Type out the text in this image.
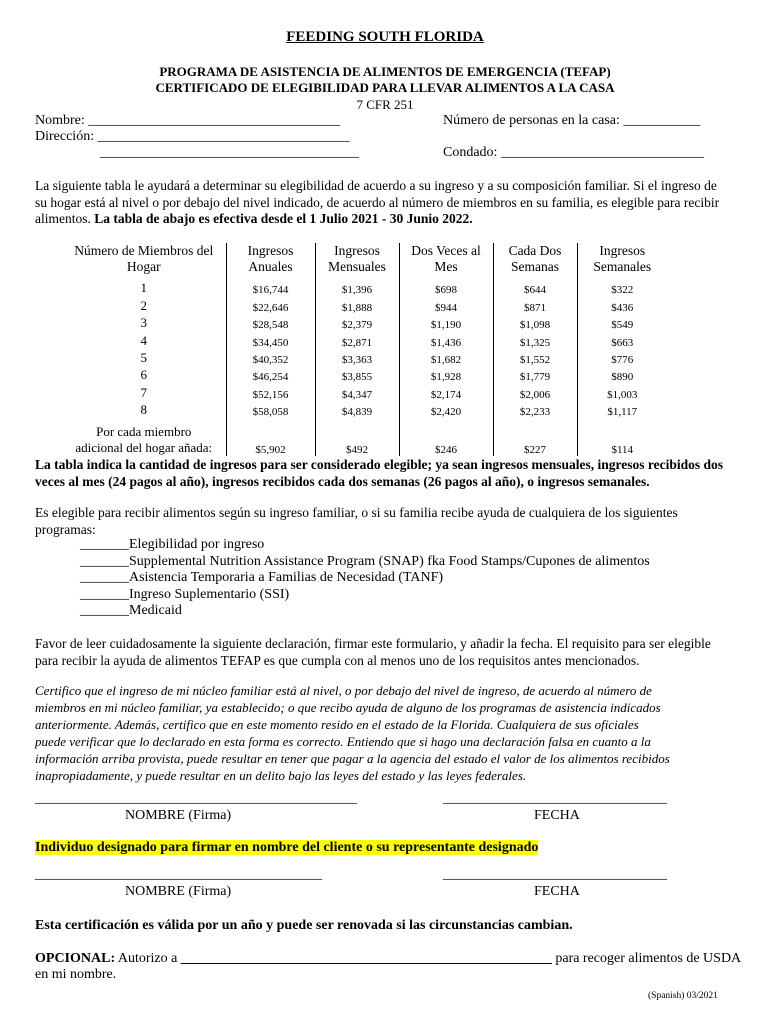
FEEDING SOUTH FLORIDA
PROGRAMA DE ASISTENCIA DE ALIMENTOS DE EMERGENCIA (TEFAP)
CERTIFICADO DE ELEGIBILIDAD PARA LLEVAR ALIMENTOS A LA CASA
7 CFR 251
Nombre: ____________________________________	Número de personas en la casa: ___________
Dirección: ____________________________________
_____________________________________	Condado: _____________________________
La siguiente tabla le ayudará a determinar su elegibilidad de acuerdo a su ingreso y a su composición familiar. Si el ingreso de su hogar está al nivel o por debajo del nivel indicado, de acuerdo al número de miembros en su familia, es elegible para recibir alimentos. La tabla de abajo es efectiva desde el 1 Julio 2021 - 30 Junio 2022.
Número de Miembros del Hogar	Ingresos Anuales	Ingresos Mensuales	Dos Veces al Mes	Cada Dos Semanas	Ingresos Semanales
1	$16,744	$1,396	$698	$644	$322
2	$22,646	$1,888	$944	$871	$436
3	$28,548	$2,379	$1,190	$1,098	$549
4	$34,450	$2,871	$1,436	$1,325	$663
5	$40,352	$3,363	$1,682	$1,552	$776
6	$46,254	$3,855	$1,928	$1,779	$890
7	$52,156	$4,347	$2,174	$2,006	$1,003
8	$58,058	$4,839	$2,420	$2,233	$1,117
Por cada miembro
adicional del hogar añada:	$5,902	$492	$246	$227	$114
La tabla indica la cantidad de ingresos para ser considerado elegible; ya sean ingresos mensuales, ingresos recibidos dos veces al mes (24 pagos al año), ingresos recibidos cada dos semanas (26 pagos al año), o ingresos semanales.
Es elegible para recibir alimentos según su ingreso familiar, o si su familia recibe ayuda de cualquiera de los siguientes programas:
_______Elegibilidad por ingreso
_______Supplemental Nutrition Assistance Program (SNAP) fka Food Stamps/Cupones de alimentos
_______Asistencia Temporaria a Familias de Necesidad (TANF)
_______Ingreso Suplementario (SSI)
_______Medicaid
Favor de leer cuidadosamente la siguiente declaración, firmar este formulario, y añadir la fecha. El requisito para ser elegible para recibir la ayuda de alimentos TEFAP es que cumpla con al menos uno de los requisitos antes mencionados.
Certifico que el ingreso de mi núcleo familiar está al nivel, o por debajo del nivel de ingreso, de acuerdo al número de
miembros en mi núcleo familiar, ya establecido; o que recibo ayuda de alguno de los programas de asistencia indicados
anteriormente. Además, certifico que en este momento resido en el estado de la Florida. Cualquiera de sus oficiales
puede verificar que lo declarado en esta forma es correcto. Entiendo que si hago una declaración falsa en cuanto a la
información arriba provista, puede resultar en tener que pagar a la agencia del estado el valor de los alimentos recibidos
inapropiadamente, y puede resultar en un delito bajo las leyes del estado y las leyes federales.
______________________________________________
NOMBRE (Firma)
________________________________
FECHA
Individuo designado para firmar en nombre del cliente o su representante designado
_________________________________________
NOMBRE (Firma)
________________________________
FECHA
Esta certificación es válida por un año y puede ser renovada si las circunstancias cambian.
OPCIONAL: Autorizo a _____________________________________________________ para recoger alimentos de USDA
en mi nombre.
(Spanish) 03/2021
